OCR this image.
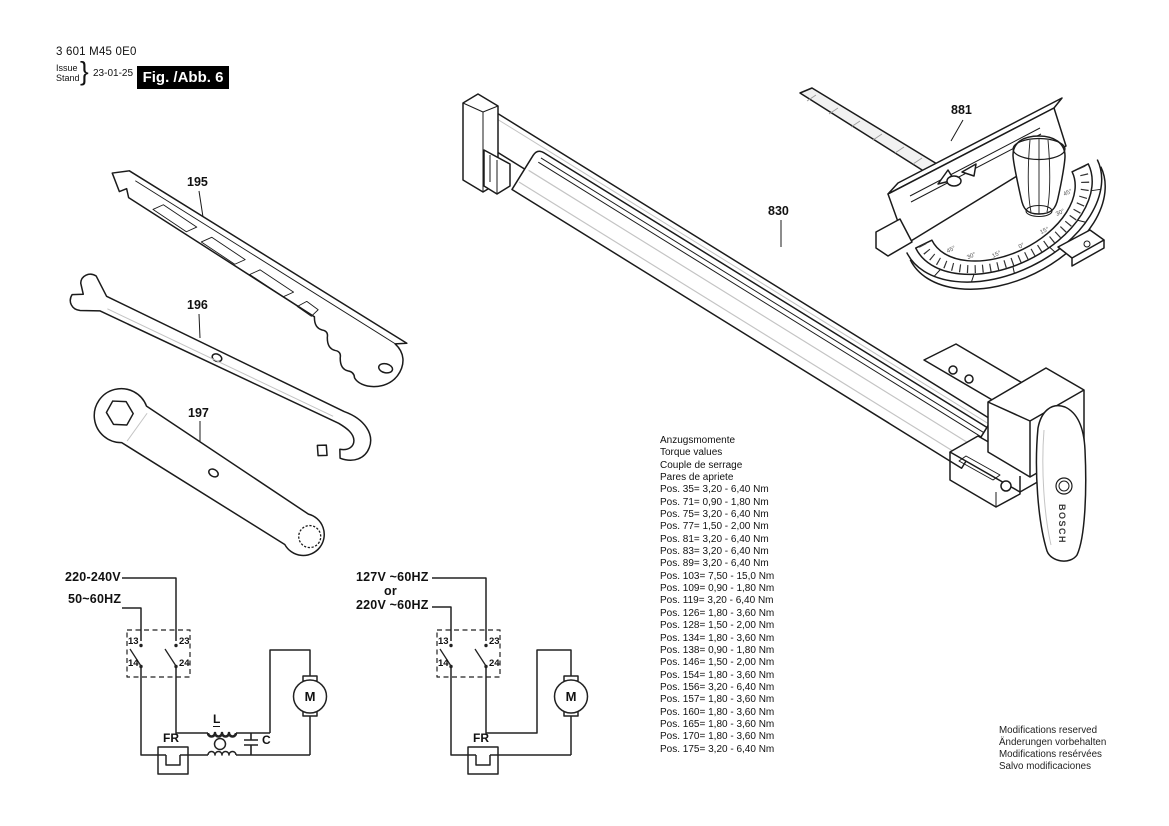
BOSCH
45°
30° 15°
0°
15°
30°
45°
3 601 M45 0E0
Issue
Stand } 23-01-25 Fig. /Abb. 6
195
196
197
830
881
220-240V
50~60HZ
13	23
14	24
L
C
FR
M
127V ~60HZ
or
220V ~60HZ
13	23
14	24
FR
M
Anzugsmomente
Torque values
Couple de serrage
Pares de apriete
Pos. 35 = 3,20 - 6,40 Nm
Pos. 71 = 0,90 - 1,80 Nm
Pos. 75 = 3,20 - 6,40 Nm
Pos. 77 = 1,50 - 2,00 Nm
Pos. 81 = 3,20 - 6,40 Nm
Pos. 83 = 3,20 - 6,40 Nm
Pos. 89 = 3,20 - 6,40 Nm
Pos. 103 = 7,50 - 15,0 Nm
Pos. 109 = 0,90 - 1,80 Nm
Pos. 119 = 3,20 - 6,40 Nm
Pos. 126 = 1,80 - 3,60 Nm
Pos. 128 = 1,50 - 2,00 Nm
Pos. 134 = 1,80 - 3,60 Nm
Pos. 138 = 0,90 - 1,80 Nm
Pos. 146 = 1,50 - 2,00 Nm
Pos. 154 = 1,80 - 3,60 Nm
Pos. 156 = 3,20 - 6,40 Nm
Pos. 157 = 1,80 - 3,60 Nm
Pos. 160 = 1,80 - 3,60 Nm
Pos. 165 = 1,80 - 3,60 Nm
Pos. 170 = 1,80 - 3,60 Nm
Pos. 175 = 3,20 - 6,40 Nm
Modifications reserved
Änderungen vorbehalten
Modifications resérvées
Salvo modificaciones
